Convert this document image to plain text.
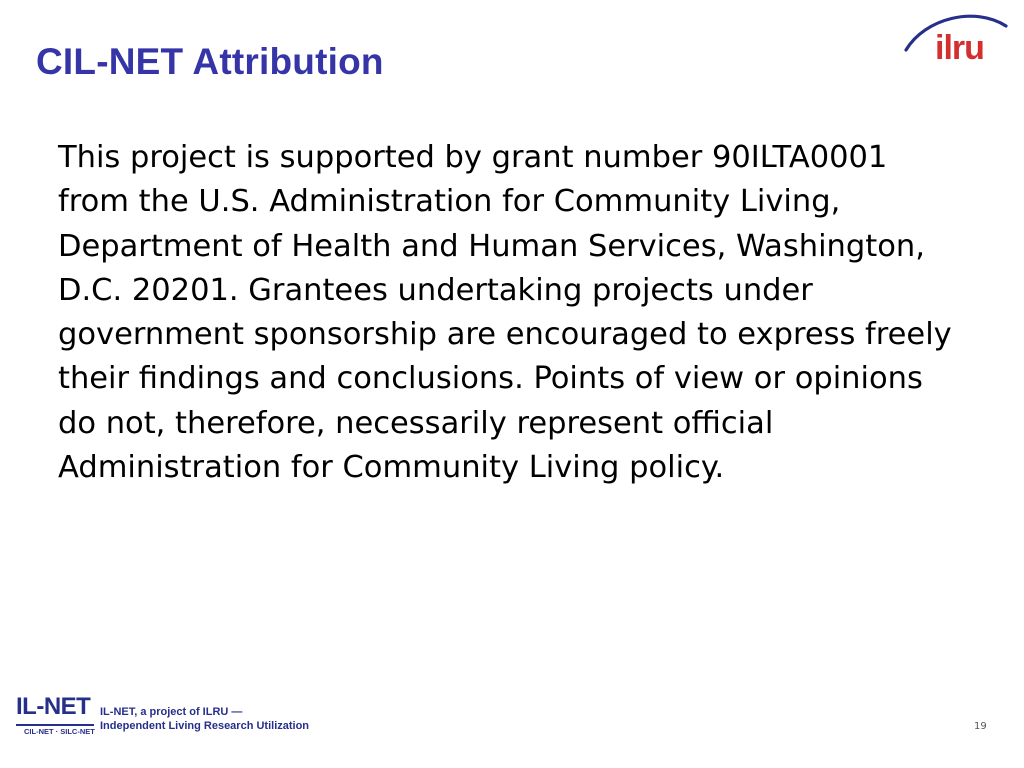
CIL-NET Attribution	ilru

This project is supported by grant number 90ILTA0001 from the U.S. Administration for Community Living, Department of Health and Human Services, Washington, D.C. 20201. Grantees undertaking projects under government sponsorship are encouraged to express freely their findings and conclusions. Points of view or opinions do not, therefore, necessarily represent official Administration for Community Living policy.

IL-NET
CIL-NET · SILC-NET
IL-NET, a project of ILRU —
Independent Living Research Utilization	19
